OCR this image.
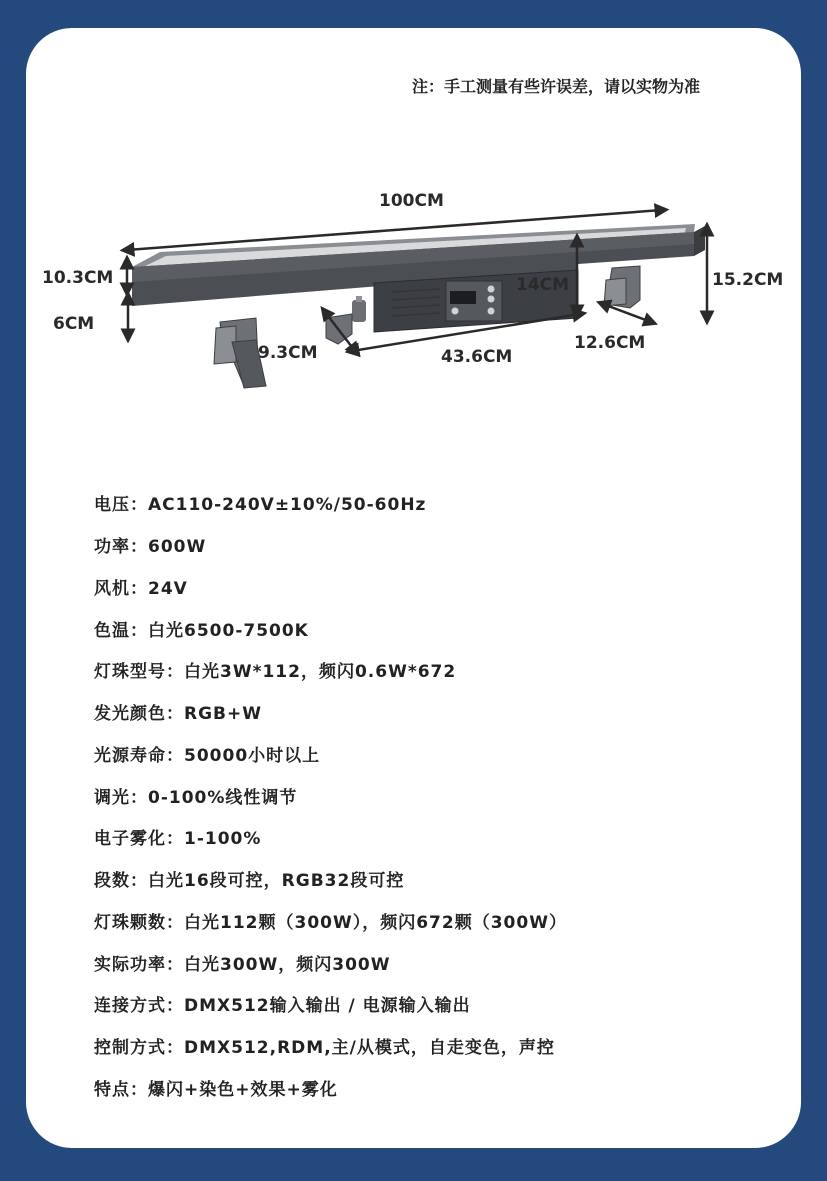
注：手工测量有些许误差，请以实物为准
100CM
10.3CM
6CM
9.3CM
14CM
43.6CM
12.6CM
15.2CM
电压：AC110-240V±10%/50-60Hz
功率：600W
风机：24V
色温：白光6500-7500K
灯珠型号：白光3W*112，频闪0.6W*672
发光颜色：RGB+W
光源寿命：50000小时以上
调光：0-100%线性调节
电子雾化：1-100%
段数：白光16段可控，RGB32段可控
灯珠颗数：白光112颗（300W），频闪672颗（300W）
实际功率：白光300W，频闪300W
连接方式：DMX512输入输出 / 电源输入输出
控制方式：DMX512,RDM,主/从模式，自走变色，声控
特点：爆闪+染色+效果+雾化
